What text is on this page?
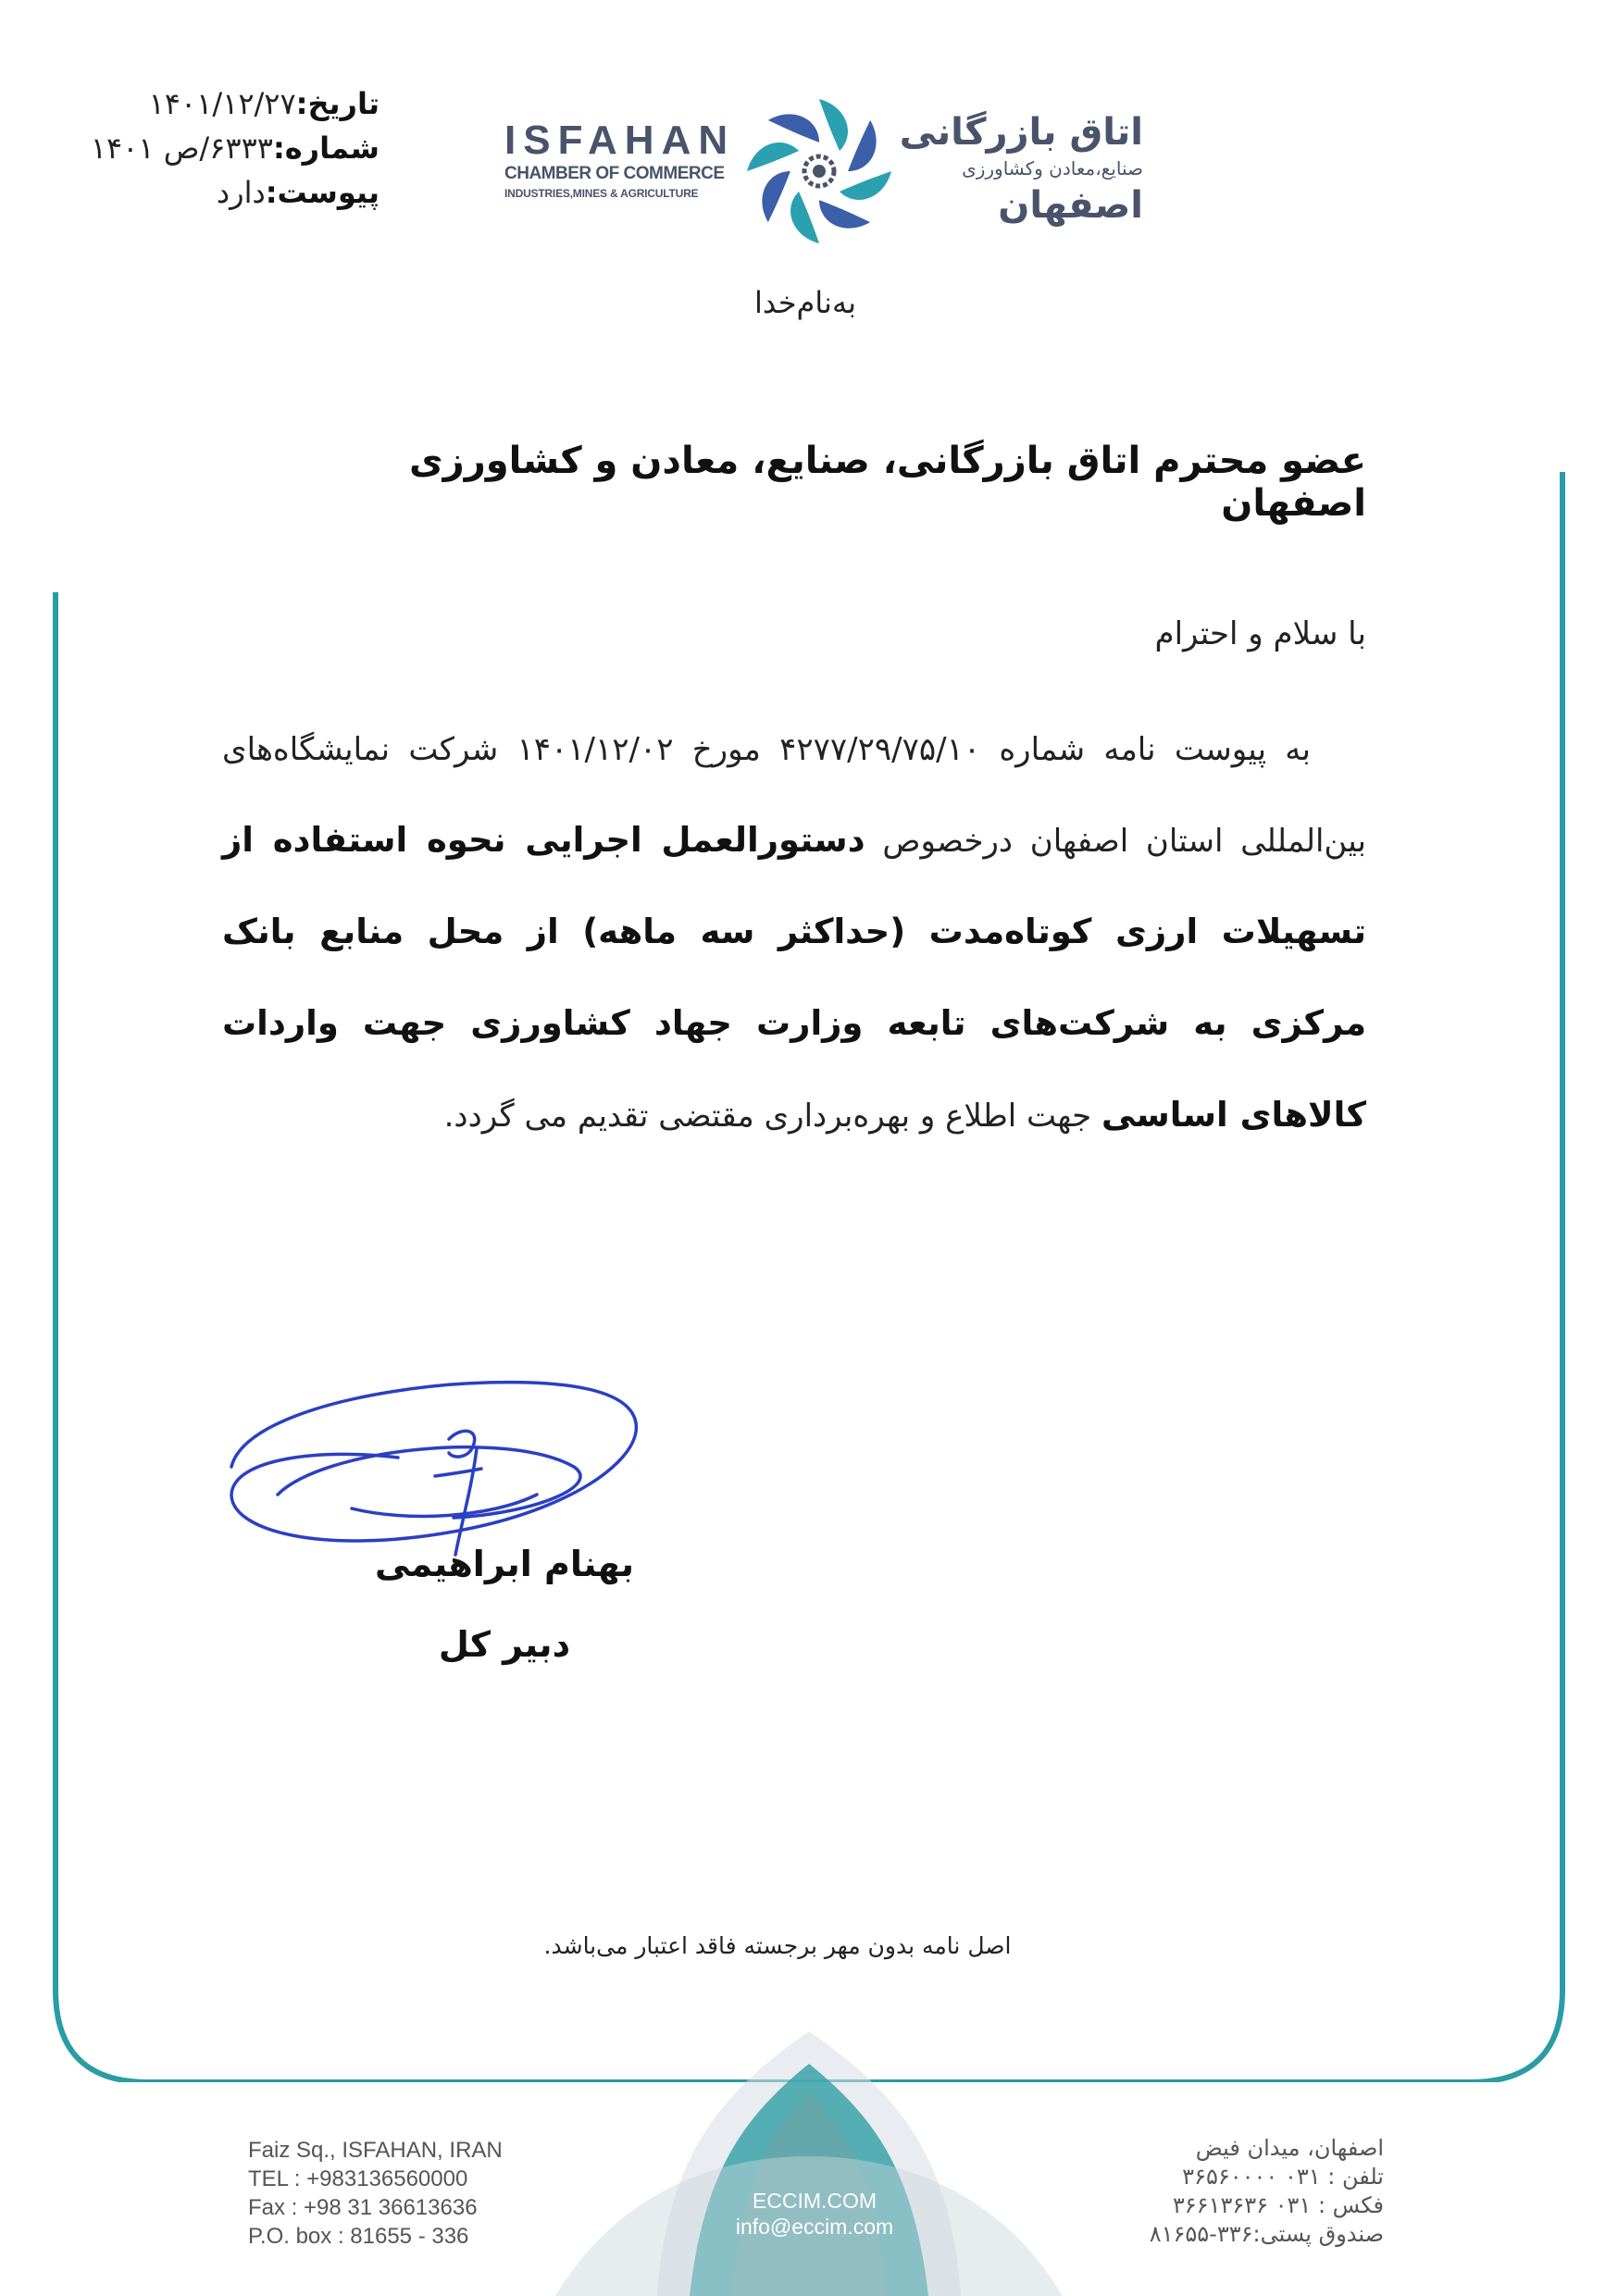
تاریخ:۱۴۰۱/۱۲/۲۷
شماره:۶۳۳۳/ص ۱۴۰۱
پیوست:دارد
ISFAHAN
CHAMBER OF COMMERCE
INDUSTRIES,MINES & AGRICULTURE
اتاق بازرگانی
صنایع،معادن وکشاورزی
اصفهان
به‌نام‌خدا
عضو محترم اتاق بازرگانی، صنایع، معادن و کشاورزی اصفهان
با سلام و احترام
به پیوست نامه شماره ۴۲۷۷/۲۹/۷۵/۱۰ مورخ ۱۴۰۱/۱۲/۰۲ شرکت نمایشگاه‌های بین‌المللی استان اصفهان درخصوص دستورالعمل اجرایی نحوه استفاده از تسهیلات ارزی کوتاه‌مدت (حداکثر سه ماهه) از محل منابع بانک مرکزی به شرکت‌های تابعه وزارت جهاد کشاورزی جهت واردات کالاهای اساسی جهت اطلاع و بهره‌برداری مقتضی تقدیم می گردد.
بهنام ابراهیمی
دبیر کل
اصل نامه بدون مهر برجسته فاقد اعتبار می‌باشد.
Faiz Sq., ISFAHAN, IRAN
TEL : +983136560000
Fax : +98 31 36613636
P.O. box : 81655 - 336
ECCIM.COM
info@eccim.com
اصفهان، میدان فیض
تلفن : ۰۳۱ ۳۶۵۶۰۰۰۰
فکس : ۰۳۱ ۳۶۶۱۳۶۳۶
صندوق پستی:۳۳۶-۸۱۶۵۵
